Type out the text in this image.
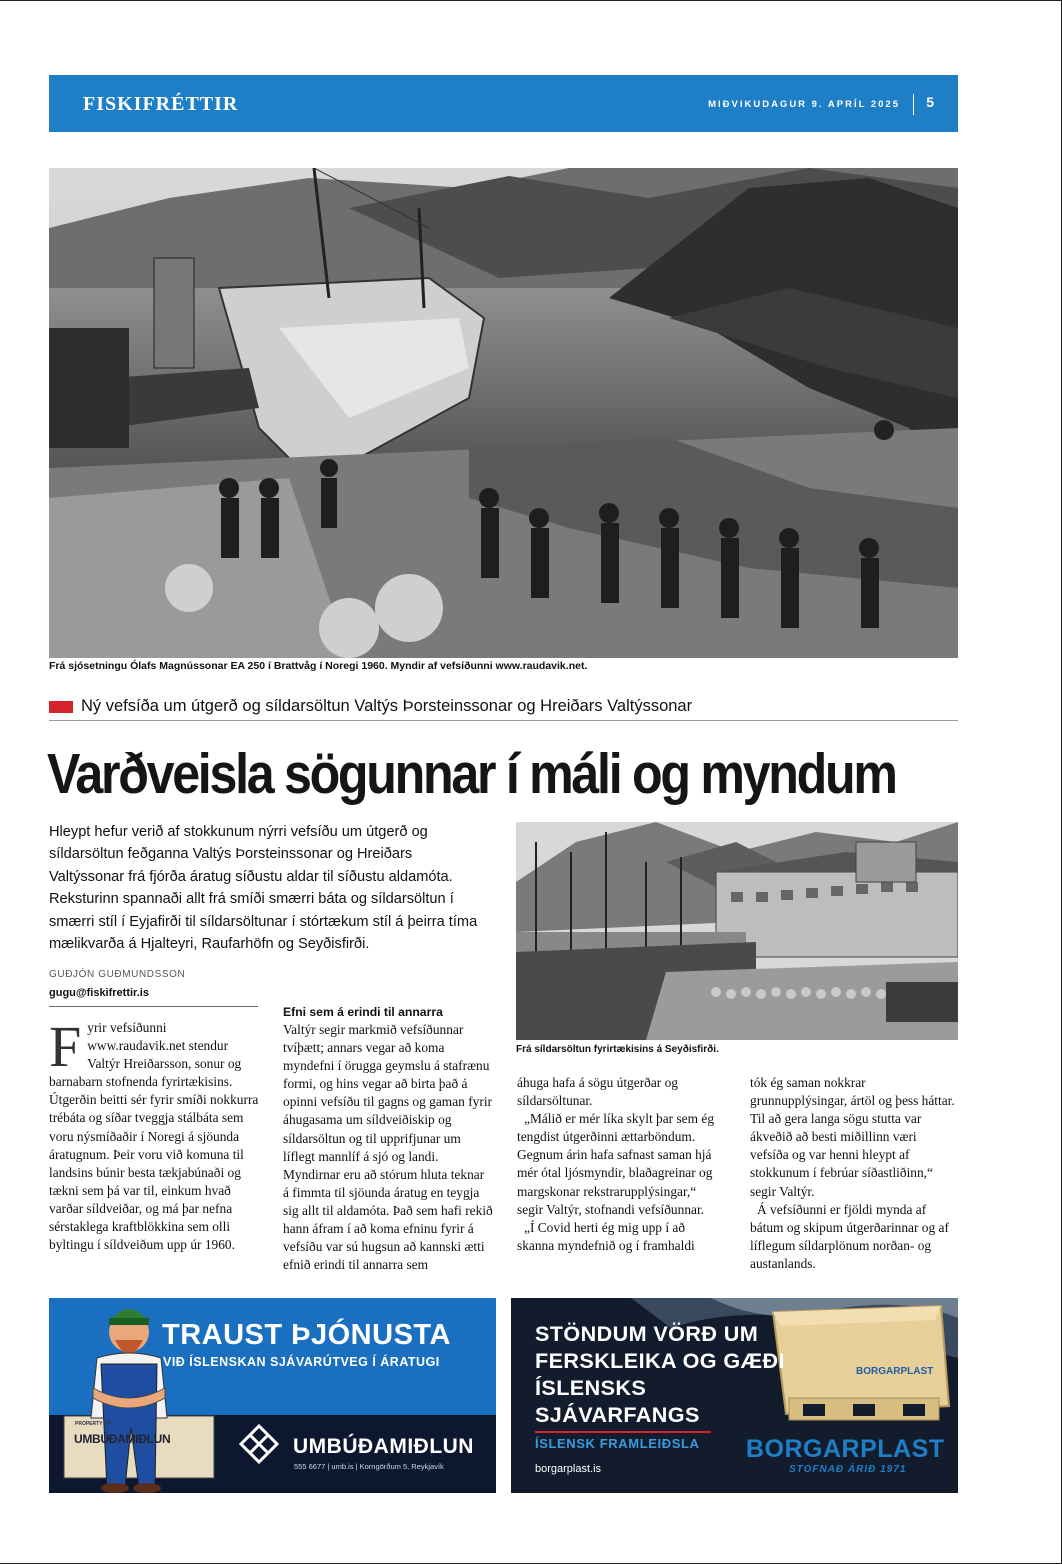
FISKIFRÉTTIR	MIÐVIKUDAGUR 9. APRÍL 2025 5
Frá sjósetningu Ólafs Magnússonar EA 250 í Brattvåg í Noregi 1960. Myndir af vefsíðunni www.raudavik.net.
Ný vefsíða um útgerð og síldarsöltun Valtýs Þorsteinssonar og Hreiðars Valtýssonar
Varðveisla sögunnar í máli og myndum
Hleypt hefur verið af stokkunum nýrri vefsíðu um útgerð og síldarsöltun feðganna Valtýs Þorsteinssonar og Hreiðars Valtýssonar frá fjórða áratug síðustu aldar til síðustu aldamóta. Reksturinn spannaði allt frá smíði smærri báta og síldarsöltun í smærri stíl í Eyjafirði til síldarsöltunar í stórtækum stíl á þeirra tíma mælikvarða á Hjalteyri, Raufarhöfn og Seyðisfirði.
GUÐJÓN GUÐMUNDSSON
gugu@fiskifrettir.is

Fyrir vefsíðunni www.raudavik.net stendur Valtýr Hreiðarsson, sonur og barnabarn stofnenda fyrirtækisins. Útgerðin beitti sér fyrir smíði nokkurra trébáta og síðar tveggja stálbáta sem voru nýsmíðaðir í Noregi á sjöunda áratugnum. Þeir voru við komuna til landsins búnir besta tækjabúnaði og tækni sem þá var til, einkum hvað varðar síldveiðar, og má þar nefna sérstaklega kraftblökkina sem olli byltingu í síldveiðum upp úr 1960.

Efni sem á erindi til annarra

Valtýr segir markmið vefsíðunnar tvíþætt; annars vegar að koma myndefni í öruggа geymslu á stafrænu formi, og hins vegar að birta það á opinni vefsíðu til gagns og gaman fyrir áhugasama um síldveiðiskip og síldarsöltun og til upprifjunar um líflegt mannlíf á sjó og landi. Myndirnar eru að stórum hluta teknar á fimmta til sjöunda áratug en teygja sig allt til aldamóta. Það sem hafi rekið hann áfram í að koma efninu fyrir á vefsíðu var sú hugsun að kannski ætti efnið erindi til annarra sem

Frá síldarsöltun fyrirtækisins á Seyðisfirði.

áhuga hafa á sögu útgerðar og síldarsöltunar.

„Málið er mér líka skylt þar sem ég tengdist útgerðinni ættarböndum. Gegnum árin hafa safnast saman hjá mér ótal ljósmyndir, blaðagreinar og margskonar rekstrarupplýsingar,“ segir Valtýr, stofnandi vefsíðunnar.

„Í Covid herti ég mig upp í að skanna myndefnið og í framhaldi

tók ég saman nokkrar grunnupplýsingar, ártöl og þess háttar. Til að gera langa sögu stutta var ákveðið að besti miðillinn væri vefsíða og var henni hleypt af stokkunum í febrúar síðastliðinn,“ segir Valtýr.

Á vefsíðunni er fjöldi mynda af bátum og skipum útgerðarinnar og af líflegum síldarplönum norðan- og austanlands.

UMBÚÐAMIÐLUN
PROPERTY OF
TRAUST ÞJÓNUSTA
VIÐ ÍSLENSKAN SJÁVARÚTVEG Í ÁRATUGI
UMBÚÐAMIÐLUN
555 6677 | umb.is | Korngörðum 5, Reykjavík
BORGARPLAST
STÖNDUM VÖRÐ UM FERSKLEIKA OG GÆÐI ÍSLENSKS SJÁVARFANGS
ÍSLENSK FRAMLEIÐSLA
borgarplast.is
BORGARPLAST
STOFNAÐ ÁRIÐ 1971
